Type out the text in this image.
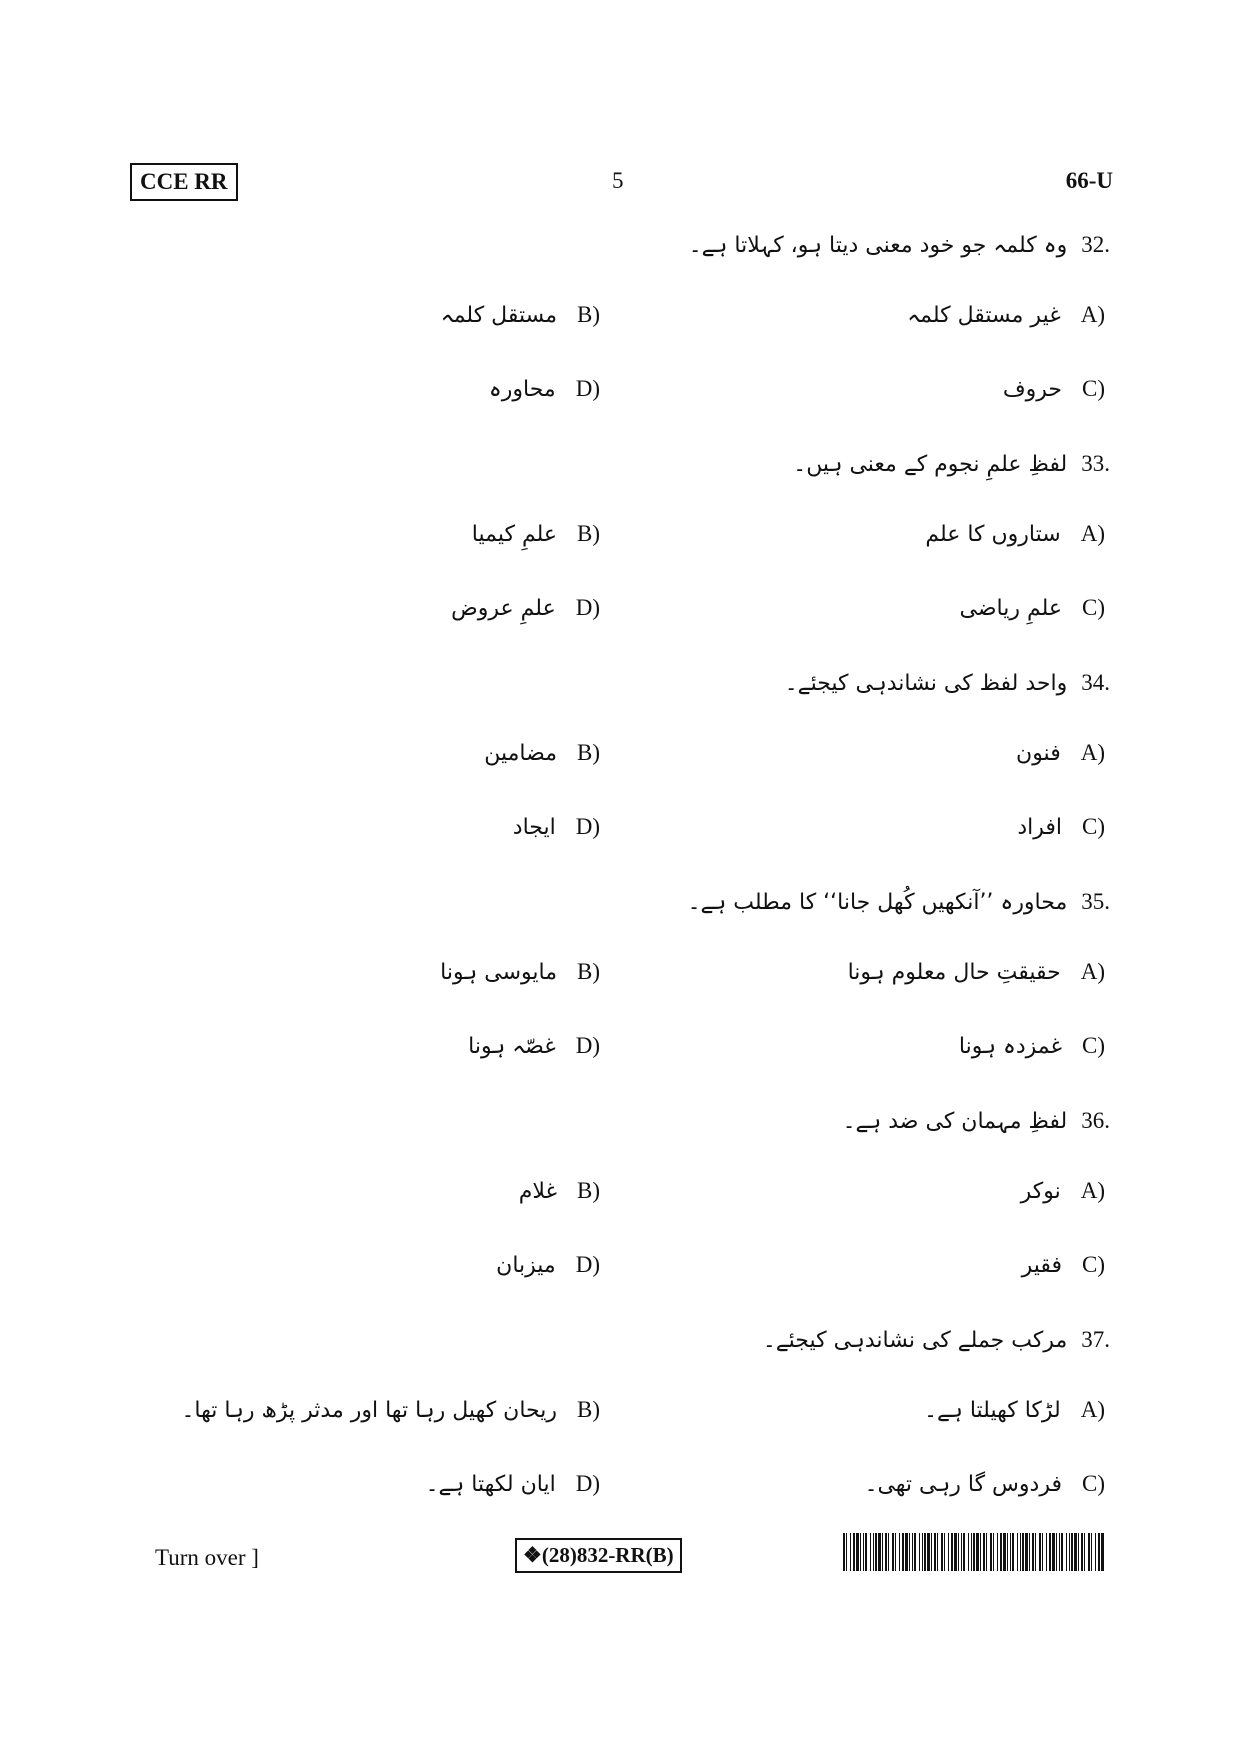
CCE RR	5	66-U
32.
وہ کلمہ جو خود معنی دیتا ہو، کہلاتا ہے۔
A)
غیر مستقل کلمہ
B)
مستقل کلمہ
C)
حروف
D)
محاورہ
33.
لفظِ علمِ نجوم کے معنی ہیں۔
A)
ستاروں کا علم
B)
علمِ کیمیا
C)
علمِ ریاضی
D)
علمِ عروض
34.
واحد لفظ کی نشاندہی کیجئے۔
A)
فنون
B)
مضامین
C)
افراد
D)
ایجاد
35.
محاورہ ’’آنکھیں کُھل جانا‘‘ کا مطلب ہے۔
A)
حقیقتِ حال معلوم ہونا
B)
مایوسی ہونا
C)
غمزدہ ہونا
D)
غصّہ ہونا
36.
لفظِ مہمان کی ضد ہے۔
A)
نوکر
B)
غلام
C)
فقیر
D)
میزبان
37.
مرکب جملے کی نشاندہی کیجئے۔
A)
لڑکا کھیلتا ہے۔
B)
ریحان کھیل رہا تھا اور مدثر پڑھ رہا تھا۔
C)
فردوس گا رہی تھی۔
D)
ایان لکھتا ہے۔
Turn over ]	❖(28)832-RR(B)
